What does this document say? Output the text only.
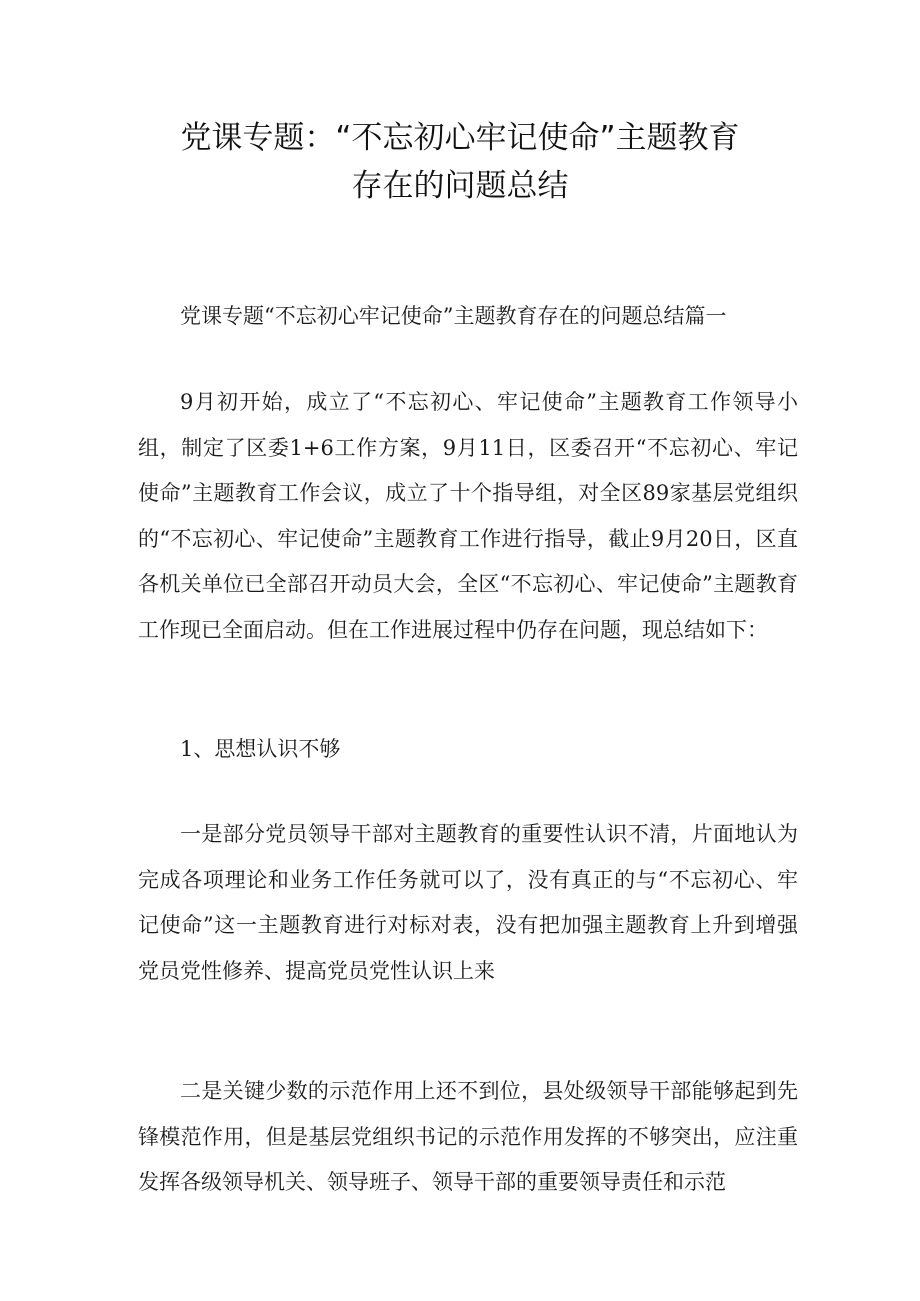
党课专题：“不忘初心牢记使命”主题教育
存在的问题总结

党课专题“不忘初心牢记使命”主题教育存在的问题总结篇一

9月初开始，成立了“不忘初心、牢记使命”主题教育工作领导小组，制定了区委1+6工作方案，9月11日，区委召开“不忘初心、牢记使命”主题教育工作会议，成立了十个指导组，对全区89家基层党组织的“不忘初心、牢记使命”主题教育工作进行指导，截止9月20日，区直各机关单位已全部召开动员大会，全区“不忘初心、牢记使命”主题教育工作现已全面启动。但在工作进展过程中仍存在问题，现总结如下：

1、思想认识不够

一是部分党员领导干部对主题教育的重要性认识不清，片面地认为完成各项理论和业务工作任务就可以了，没有真正的与“不忘初心、牢记使命”这一主题教育进行对标对表，没有把加强主题教育上升到增强党员党性修养、提高党员党性认识上来

二是关键少数的示范作用上还不到位，县处级领导干部能够起到先锋模范作用，但是基层党组织书记的示范作用发挥的不够突出，应注重发挥各级领导机关、领导班子、领导干部的重要领导责任和示范
